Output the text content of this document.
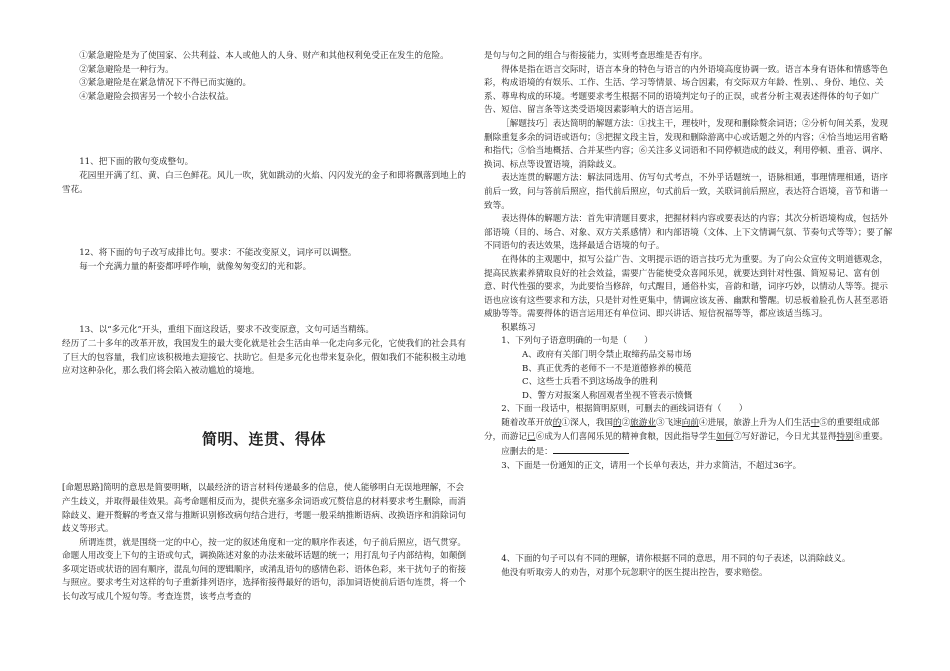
①紧急避险是为了使国家、公共利益、本人或他人的人身、财产和其他权利免受正在发生的危险。

②紧急避险是一种行为。

③紧急避险是在紧急情况下不得已而实施的。

④紧急避险会损害另一个较小合法权益。

11、把下面的散句变成整句。

花园里开满了红、黄、白三色鲜花。风儿一吹，犹如跳动的火焰、闪闪发光的金子和即将飘落到地上的雪花。

12、将下面的句子改写成排比句。要求：不能改变原义，词序可以调整。

每一个充满力量的鼾姿都呼呼作响，就像匆匆变幻的光和影。

13、以“多元化”开头，重组下面这段话，要求不改变原意，文句可适当精练。

经历了二十多年的改革开放，我国发生的最大变化就是社会生活由单一化走向多元化，它使我们的社会具有了巨大的包容量，我们应该积极地去迎接它、扶助它。但是多元化也带来复杂化，假如我们不能积极主动地应对这种杂化，那么我们将会陷入被动尴尬的境地。

简明、连贯、得体

[命题思路]简明的意思是简要明晰，以最经济的语言材料传递最多的信息，使人能够明白无误地理解，不会产生歧义，并取得最佳效果。高考命题相反而为，提供充塞多余词语或冗赘信息的材料要求考生删除，而消除歧义、避开赘解的考查又常与推断识别修改病句结合进行，考题一般采纳推断语病、改换语序和消除词句歧义等形式。

所谓连贯，就是围绕一定的中心，按一定的叙述角度和一定的顺序作表述，句子前后照应，语气贯穿。命题人用改变上下句的主语或句式，调换陈述对象的办法来破坏话题的统一；用打乱句子内部结构，如颠倒多项定语或状语的固有顺序，混乱句间的逻辑顺序，或淆乱语句的感情色彩、语体色彩，来干扰句子的衔接与照应。要求考生对这样的句子重新排列语序，选择衔接得最好的语句，添加词语使前后语句连贯，将一个长句改写成几个短句等。考查连贯，该考点考查的

是句与句之间的组合与衔接能力，实则考查思维是否有序。

得体是指在语言交际时，语言本身的特色与语言的内外语境高度协调一致。语言本身有语体和情感等色彩，构成语境的有娱乐、工作、生活、学习等情景、场合因素，有交际双方年龄、性别、、身份、地位、关系、尊卑构成的环境。考题要求考生根据不同的语境判定句子的正误，或者分析主观表述得体的句子如广告、短信、留言条等这类受语境因素影响大的语言运用。

［解题技巧］表达简明的解题方法：①找主干，理枝叶，发现和删除赘余词语；②分析句间关系，发现删除重复多余的词语或语句；③把握文段主旨，发现和删除游离中心或话题之外的内容；④恰当地运用省略和指代；⑤恰当地概括、合并某些内容；⑥关注多义词语和不同停顿造成的歧义，利用停顿、重音、调序、换词、标点等设置语境，消除歧义。

表达连贯的解题方法：解法同选用、仿写句式考点，不外乎话题统一，语脉相通，事理情理相通，语序前后一致，问与答前后照应，指代前后照应，句式前后一致，关联词前后照应，表达符合语境，音节和谐一致等。

表达得体的解题方法：首先审清题目要求，把握材料内容或要表达的内容；其次分析语境构成，包括外部语境（目的、场合、对象、双方关系感情）和内部语境（文体、上下文情调气氛、节奏句式等等）；要了解不同语句的表达效果，选择最适合语境的句子。

在得体的主观题中，拟写公益广告、文明提示语的语言技巧尤为重要。为了向公众宣传文明道德观念，提高民族素养猜取良好的社会效益，需要广告能使受众喜闻乐见，就要达到针对性强、简短易记、富有创意、时代性强的要求，为此要恰当修辞，句式醒目，通俗朴实，音韵和谐，词序巧妙，以情动人等等。提示语也应该有这些要求和方法，只是针对性更集中，情调应该友善、幽默和警醒。切忌板着脸孔伤人甚至恶语威胁等等。需要得体的语言运用还有单位词、即兴讲话、短信祝福等等，都应该适当练习。

积累练习

1、下列句子语意明确的一句是（　　）

A、政府有关部门明令禁止取缔药品交易市场

B、真正优秀的老师不一不是道德修养的模范

C、这些士兵看不到这场战争的胜利

D、警方对报案人称固观者坐视不管表示愤慨

2、下面一段话中，根据简明原则，可删去的画线词语有（　　）

随着改革开放的①深人，我国的②旅游业③飞速向前④进展，旅游上升为人们生活中⑤的重要组成部分，而游记已⑥成为人们喜闻乐见的精神食粮，因此指导学生如何⑦写好游记，今日尤其显得特别⑧重要。

应删去的是：

3、下面是一份通知的正文，请用一个长单句表达，并力求简洁，不超过36字。

4、下面的句子可以有不同的理解，请你根据不同的意思，用不同的句子表述，以消除歧义。

他没有听取旁人的劝告，对那个玩忽职守的医生提出控告，要求赔偿。
